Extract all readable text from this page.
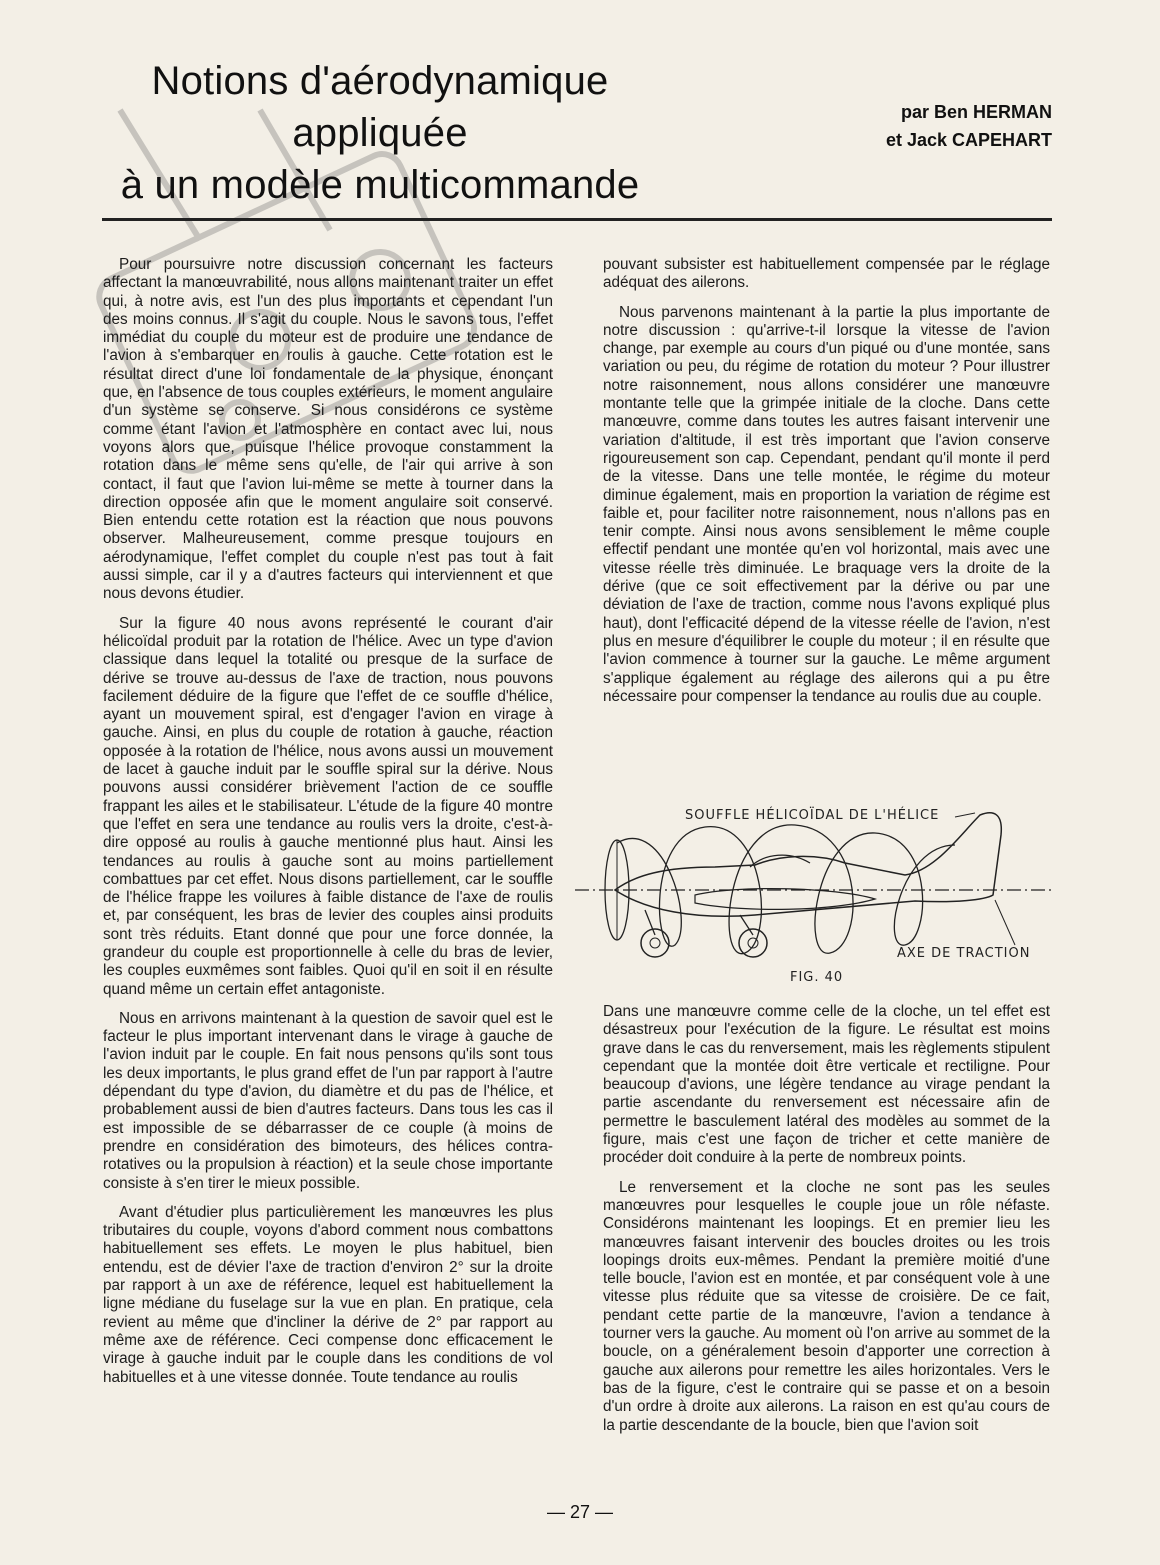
Notions d'aérodynamique
appliquée
à un modèle multicommande
par Ben HERMAN
et Jack CAPEHART

Pour poursuivre notre discussion concernant les facteurs affectant la manœuvrabilité, nous allons maintenant traiter un effet qui, à notre avis, est l'un des plus importants et cependant l'un des moins connus. Il s'agit du couple. Nous le savons tous, l'effet immédiat du couple du moteur est de produire une tendance de l'avion à s'embarquer en roulis à gauche. Cette rotation est le résultat direct d'une loi fondamentale de la physique, énonçant que, en l'absence de tous couples extérieurs, le moment angulaire d'un système se conserve. Si nous considérons ce système comme étant l'avion et l'atmosphère en contact avec lui, nous voyons alors que, puisque l'hélice provoque constamment la rotation dans le même sens qu'elle, de l'air qui arrive à son contact, il faut que l'avion lui-même se mette à tourner dans la direction opposée afin que le moment angulaire soit conservé. Bien entendu cette rotation est la réaction que nous pouvons observer. Malheureusement, comme presque toujours en aérodynamique, l'effet complet du couple n'est pas tout à fait aussi simple, car il y a d'autres facteurs qui interviennent et que nous devons étudier.

Sur la figure 40 nous avons représenté le courant d'air hélicoïdal produit par la rotation de l'hélice. Avec un type d'avion classique dans lequel la totalité ou presque de la surface de dérive se trouve au-dessus de l'axe de traction, nous pouvons facilement déduire de la figure que l'effet de ce souffle d'hélice, ayant un mouvement spiral, est d'engager l'avion en virage à gauche. Ainsi, en plus du couple de rotation à gauche, réaction opposée à la rotation de l'hélice, nous avons aussi un mouvement de lacet à gauche induit par le souffle spiral sur la dérive. Nous pouvons aussi considérer brièvement l'action de ce souffle frappant les ailes et le stabilisateur. L'étude de la figure 40 montre que l'effet en sera une tendance au roulis vers la droite, c'est-à-dire opposé au roulis à gauche mentionné plus haut. Ainsi les tendances au roulis à gauche sont au moins partiellement combattues par cet effet. Nous disons partiellement, car le souffle de l'hélice frappe les voilures à faible distance de l'axe de roulis et, par conséquent, les bras de levier des couples ainsi produits sont très réduits. Etant donné que pour une force donnée, la grandeur du couple est proportionnelle à celle du bras de levier, les couples euxmêmes sont faibles. Quoi qu'il en soit il en résulte quand même un certain effet antagoniste.

Nous en arrivons maintenant à la question de savoir quel est le facteur le plus important intervenant dans le virage à gauche de l'avion induit par le couple. En fait nous pensons qu'ils sont tous les deux importants, le plus grand effet de l'un par rapport à l'autre dépendant du type d'avion, du diamètre et du pas de l'hélice, et probablement aussi de bien d'autres facteurs. Dans tous les cas il est impossible de se débarrasser de ce couple (à moins de prendre en considération des bimoteurs, des hélices contra-rotatives ou la propulsion à réaction) et la seule chose importante consiste à s'en tirer le mieux possible.

Avant d'étudier plus particulièrement les manœuvres les plus tributaires du couple, voyons d'abord comment nous combattons habituellement ses effets. Le moyen le plus habituel, bien entendu, est de dévier l'axe de traction d'environ 2° sur la droite par rapport à un axe de référence, lequel est habituellement la ligne médiane du fuselage sur la vue en plan. En pratique, cela revient au même que d'incliner la dérive de 2° par rapport au même axe de référence. Ceci compense donc efficacement le virage à gauche induit par le couple dans les conditions de vol habituelles et à une vitesse donnée. Toute tendance au roulis

pouvant subsister est habituellement compensée par le réglage adéquat des ailerons.

Nous parvenons maintenant à la partie la plus importante de notre discussion : qu'arrive-t-il lorsque la vitesse de l'avion change, par exemple au cours d'un piqué ou d'une montée, sans variation ou peu, du régime de rotation du moteur ? Pour illustrer notre raisonnement, nous allons considérer une manœuvre montante telle que la grimpée initiale de la cloche. Dans cette manœuvre, comme dans toutes les autres faisant intervenir une variation d'altitude, il est très important que l'avion conserve rigoureusement son cap. Cependant, pendant qu'il monte il perd de la vitesse. Dans une telle montée, le régime du moteur diminue également, mais en proportion la variation de régime est faible et, pour faciliter notre raisonnement, nous n'allons pas en tenir compte. Ainsi nous avons sensiblement le même couple effectif pendant une montée qu'en vol horizontal, mais avec une vitesse réelle très diminuée. Le braquage vers la droite de la dérive (que ce soit effectivement par la dérive ou par une déviation de l'axe de traction, comme nous l'avons expliqué plus haut), dont l'efficacité dépend de la vitesse réelle de l'avion, n'est plus en mesure d'équilibrer le couple du moteur ; il en résulte que l'avion commence à tourner sur la gauche. Le même argument s'applique également au réglage des ailerons qui a pu être nécessaire pour compenser la tendance au roulis due au couple.

SOUFFLE HÉLICOÏDAL DE L'HÉLICE
AXE DE TRACTION
FIG. 40

Dans une manœuvre comme celle de la cloche, un tel effet est désastreux pour l'exécution de la figure. Le résultat est moins grave dans le cas du renversement, mais les règlements stipulent cependant que la montée doit être verticale et rectiligne. Pour beaucoup d'avions, une légère tendance au virage pendant la partie ascendante du renversement est nécessaire afin de permettre le basculement latéral des modèles au sommet de la figure, mais c'est une façon de tricher et cette manière de procéder doit conduire à la perte de nombreux points.

Le renversement et la cloche ne sont pas les seules manœuvres pour lesquelles le couple joue un rôle néfaste. Considérons maintenant les loopings. Et en premier lieu les manœuvres faisant intervenir des boucles droites ou les trois loopings droits eux-mêmes. Pendant la première moitié d'une telle boucle, l'avion est en montée, et par conséquent vole à une vitesse plus réduite que sa vitesse de croisière. De ce fait, pendant cette partie de la manœuvre, l'avion a tendance à tourner vers la gauche. Au moment où l'on arrive au sommet de la boucle, on a généralement besoin d'apporter une correction à gauche aux ailerons pour remettre les ailes horizontales. Vers le bas de la figure, c'est le contraire qui se passe et on a besoin d'un ordre à droite aux ailerons. La raison en est qu'au cours de la partie descendante de la boucle, bien que l'avion soit

— 27 —
